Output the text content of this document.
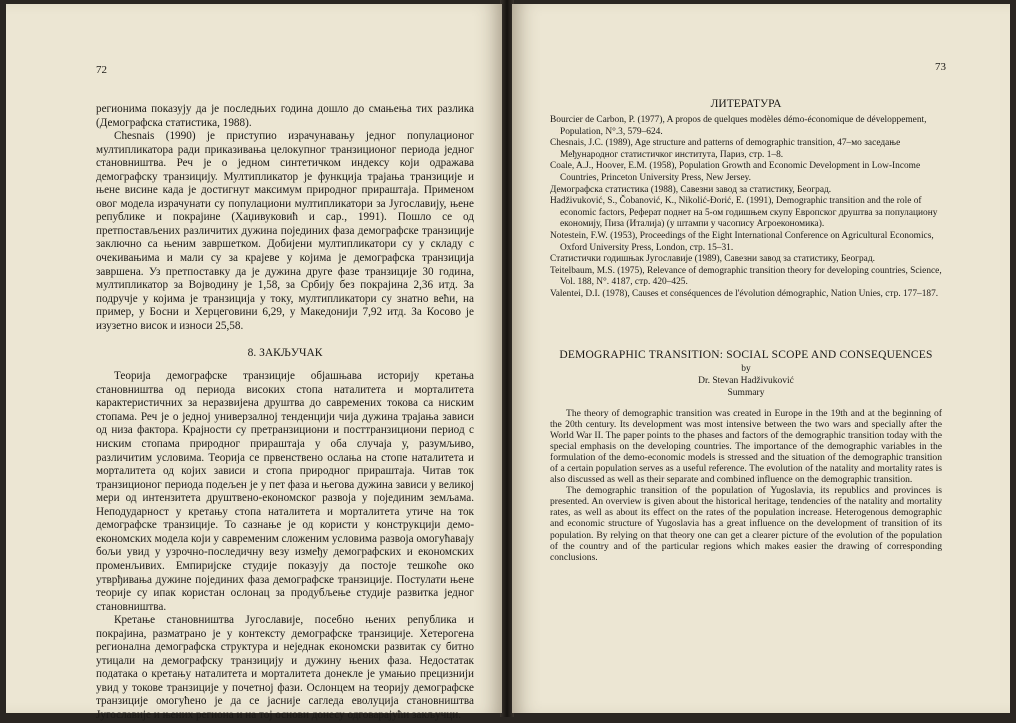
72

регионима показују да је последњих година дошло до смањења тих разлика (Демографска статистика, 1988).

Chesnais (1990) је приступио израчунавању једног популационог мултипликатора ради приказивања целокупног транзиционог периода једног становништва. Реч је о једном синтетичком индексу који одражава демографску транзицију. Мултипликатор је функција трајања транзиције и њене висине када је достигнут максимум природног прираштаја. Применом овог модела израчунати су популациони мултипликатори за Југославију, њене републике и покрајине (Хаџивуковић и сар., 1991). Пошло се од претпостављених различитих дужина појединих фаза демографске транзиције заключно са њеним завршетком. Добијени мултипликатори су у складу с очекивањима и мали су за крајеве у којима је демографска транзиција завршена. Уз претпоставку да је дужина друге фазе транзиције 30 година, мултипликатор за Војводину је 1,58, за Србију без покрајина 2,36 итд. За подручје у којима је транзиција у току, мултипликатори су знатно већи, на пример, у Босни и Херцеговини 6,29, у Македонији 7,92 итд. За Косово је изузетно висок и износи 25,58.

8. ЗАКЉУЧАК

Теорија демографске транзиције објашњава историју кретања становништва од периода високих стопа наталитета и морталитета карактеристичних за неразвијена друштва до савремених токова са ниским стопама. Реч је о једној универзалној тенденцији чија дужина трајања зависи од низа фактора. Крајности су претранзициони и посттранзициони период с ниским стопама природног прираштаја у оба случаја у, разумљиво, различитим условима. Теорија се првенствено ослања на стопе наталитета и морталитета од којих зависи и стопа природног прираштаја. Читав ток транзиционог периода подељен је у пет фаза и његова дужина зависи у великој мери од интензитета друштвено-економског развоја у појединим земљама. Неподударност у кретању стопа наталитета и морталитета утиче на ток демографске транзиције. То сазнање је од користи у конструкцији демо-економских модела који у савременим сложеним условима развоја омогућавају бољи увид у узрочно-последичну везу између демографских и економских променљивих. Емпиријске студије показују да постоје тешкоће око утврђивања дужине појединих фаза демографске транзиције. Постулати њене теорије су ипак користан ослонац за продубљење студије развитка једног становништва.

Кретање становништва Југославије, посебно њених република и покрајина, разматрано је у контексту демографске транзиције. Хетерогена регионална демографска структура и неједнак економски развитак су битно утицали на демографску транзицију и дужину њених фаза. Недостатак података о кретању наталитета и морталитета донекле је умањио прецизнији увид у токове транзиције у почетној фази. Ослонцем на теорију демографске транзиције омогућено је да се јасније сагледа еволуција становништва Југославије и њених региона и на тој основи донесу одговарајући закључци.

73

ЛИТЕРАТУРА

Bourcier de Carbon, P. (1977), A propos de quelques modèles démo-économique de développement, Population, N°.3, 579–624.

Chesnais, J.C. (1989), Age structure and patterns of demographic transition, 47–мо заседање Међународног статистичког института, Париз, стр. 1–8.

Coale, A.J., Hoover, E.M. (1958), Population Growth and Economic Development in Low-Income Countries, Princeton University Press, New Jersey.

Демографска статистика (1988), Савезни завод за статистику, Београд.

Hadživuković, S., Čobanović, K., Nikolić-Đorić, E. (1991), Demographic transition and the role of economic factors, Реферат поднет на 5-ом годишњем скупу Европског друштва за популациону економију, Пиза (Италија) (у штампи у часопису Агроекономика).

Notestein, F.W. (1953), Proceedings of the Eight International Conference on Agricultural Economics, Oxford University Press, London, стр. 15–31.

Статистички годишњак Југославије (1989), Савезни завод за статистику, Београд.

Teitelbaum, M.S. (1975), Relevance of demographic transition theory for developing countries, Science, Vol. 188, N°. 4187, стр. 420–425.

Valentei, D.I. (1978), Causes et conséquences de l'évolution démographic, Nation Unies, стр. 177–187.

DEMOGRAPHIC TRANSITION: SOCIAL SCOPE AND CONSEQUENCES

by

Dr. Stevan Hadživuković

Summary

The theory of demographic transition was created in Europe in the 19th and at the beginning of the 20th century. Its development was most intensive between the two wars and specially after the World War II. The paper points to the phases and factors of the demographic transition today with the special emphasis on the developing countries. The importance of the demographic variables in the formulation of the demo-economic models is stressed and the situation of the demographic transition of a certain population serves as a useful reference. The evolution of the natality and mortality rates is also discussed as well as their separate and combined influence on the demographic transition.

The demographic transition of the population of Yugoslavia, its republics and provinces is presented. An overview is given about the historical heritage, tendencies of the natality and mortality rates, as well as about its effect on the rates of the population increase. Heterogenous demographic and economic structure of Yugoslavia has a great influence on the development of transition of its population. By relying on that theory one can get a clearer picture of the evolution of the population of the country and of the particular regions which makes easier the drawing of corresponding conclusions.
